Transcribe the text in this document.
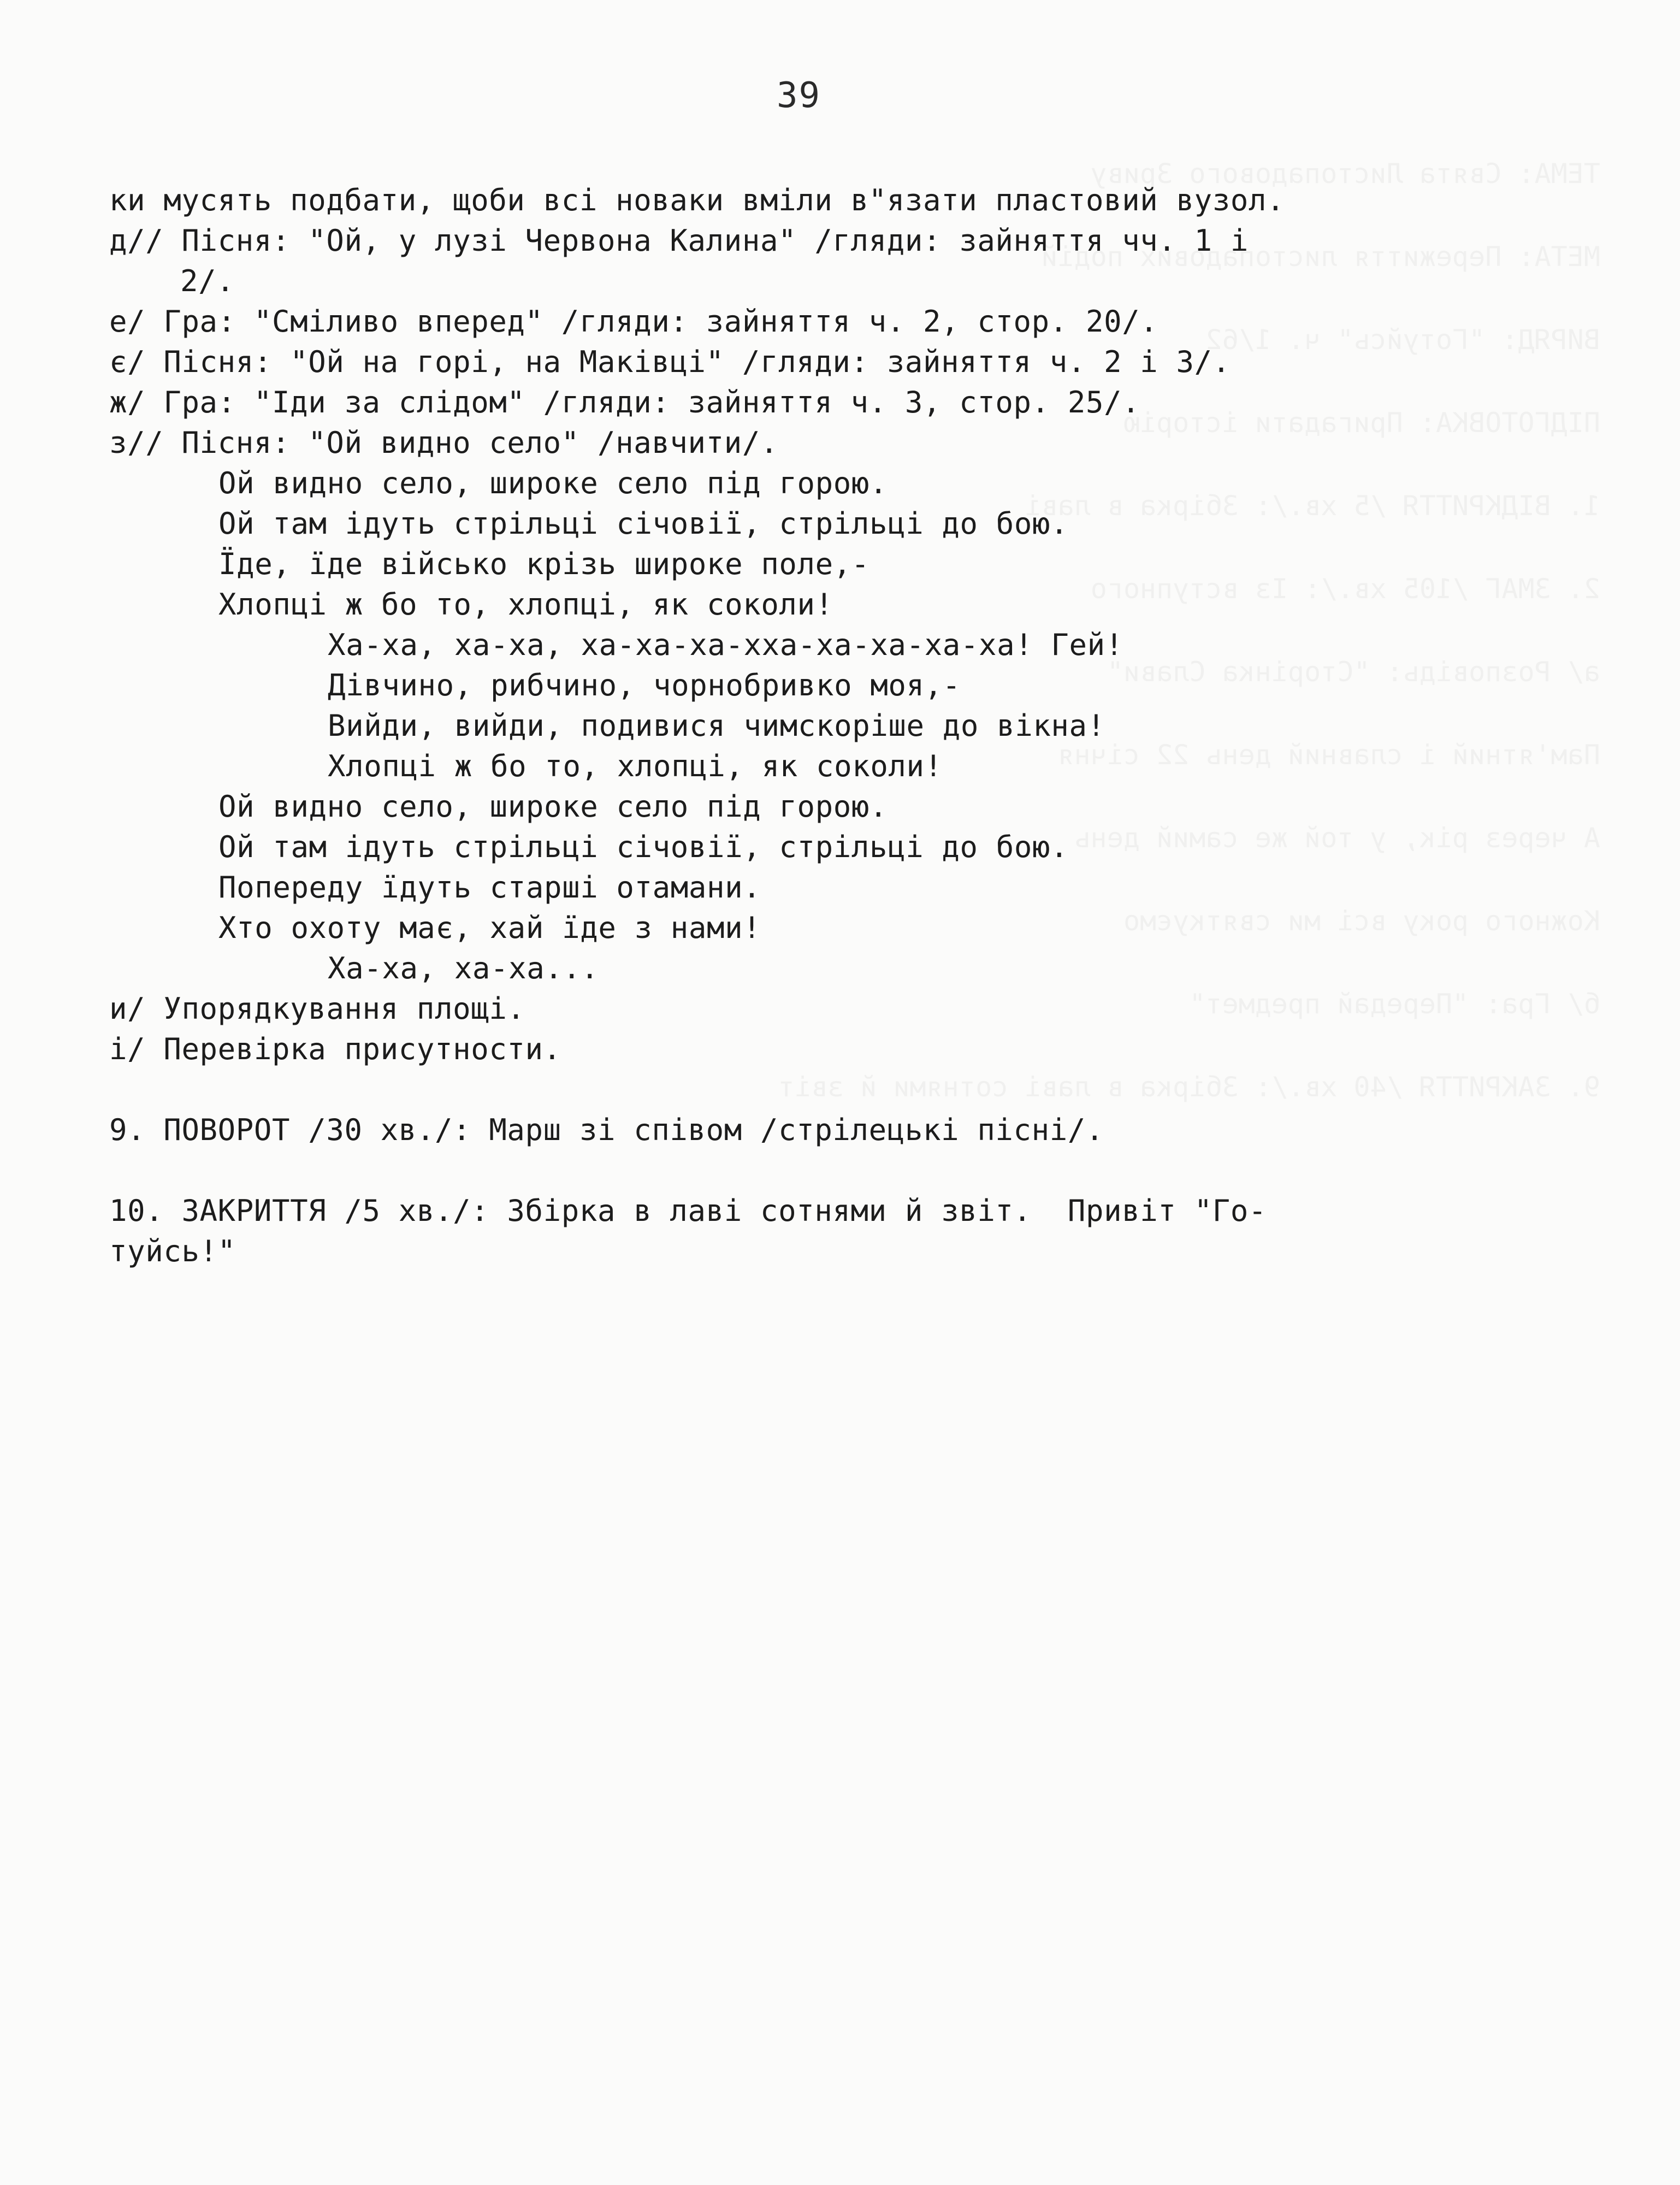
ТЕМА: Свята Листопадового Зриву

МЕТА: Пережиття листопадових подій

ВИРЯД: "Готуйсь" ч. 1/62

ПІДГОТОВКА: Пригадати історію

1. ВІДКРИТТЯ /5 хв./: Збірка в лаві

2. ЗМАГ /105 хв./: Із вступного

а/ Розповідь: "Сторінка Слави"

Пам'ятний і славний день 22 січня

А через рік, у той же самий день

Кожного року всі ми святкуємо

б/ Гра: "Передай предмет"

9. ЗАКРИТТЯ /40 хв./: Збірка в лаві сотнями й звіт
39
ки мусять подбати, щоби всі новаки вміли в"язати пластовий вузол.
д// Пісня: "Ой, у лузі Червона Калина" /гляди: зайняття чч. 1 і
2/.
е/ Гра: "Сміливо вперед" /гляди: зайняття ч. 2, стор. 20/.
є/ Пісня: "Ой на горі, на Маківці" /гляди: зайняття ч. 2 і 3/.
ж/ Гра: "Іди за слідом" /гляди: зайняття ч. 3, стор. 25/.
з// Пісня: "Ой видно село" /навчити/.
Ой видно село, широке село під горою.
Ой там ідуть стрільці січовії, стрільці до бою.
Їде, їде військо крізь широке поле,-
Хлопці ж бо то, хлопці, як соколи!
Ха-ха, ха-ха, ха-ха-ха-хха-ха-ха-ха-ха! Гей!
Дівчино, рибчино, чорнобривко моя,-
Вийди, вийди, подивися чимскоріше до вікна!
Хлопці ж бо то, хлопці, як соколи!
Ой видно село, широке село під горою.
Ой там ідуть стрільці січовії, стрільці до бою.
Попереду їдуть старші отамани.
Хто охоту має, хай їде з нами!
Ха-ха, ха-ха...
и/ Упорядкування площі.
і/ Перевірка присутности.
9. ПОВОРОТ /30 хв./: Марш зі співом /стрілецькі пісні/.
10. ЗАКРИТТЯ /5 хв./: Збірка в лаві сотнями й звіт.  Привіт "Го-
туйсь!"
